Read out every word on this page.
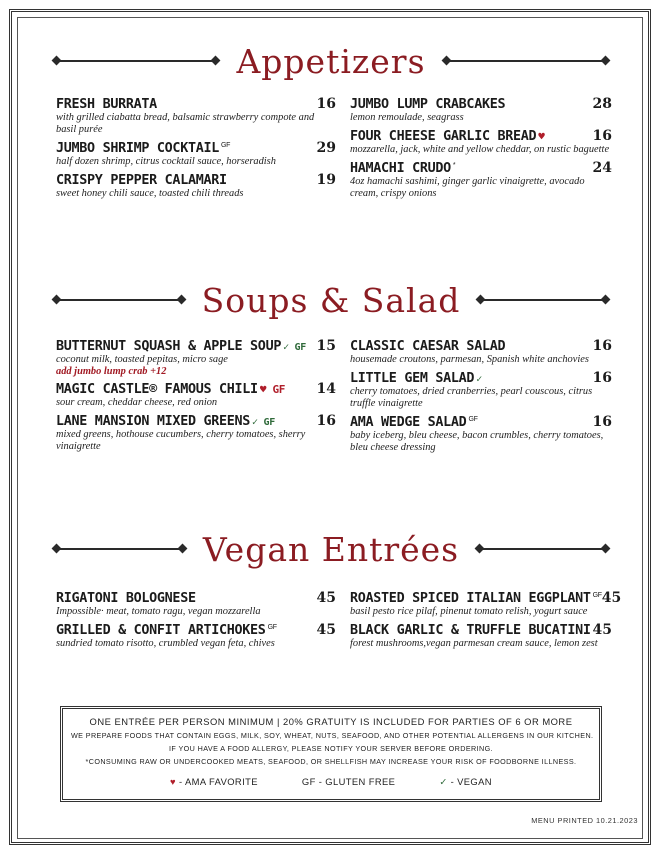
Appetizers
Soups & Salad
Vegan Entrées
FRESH BURRATA	16
with grilled ciabatta bread, balsamic strawberry compote and basil purée
JUMBO SHRIMP COCKTAIL $^{GF}$	29
half dozen shrimp, citrus cocktail sauce, horseradish
CRISPY PEPPER CALAMARI	19
sweet honey chili sauce, toasted chili threads
JUMBO LUMP CRABCAKES	28
lemon remoulade, seagrass
FOUR CHEESE GARLIC BREAD ♥	16
mozzarella, jack, white and yellow cheddar, on rustic baguette
HAMACHI CRUDO *	24
4oz hamachi sashimi, ginger garlic vinaigrette, avocado cream, crispy onions
BUTTERNUT SQUASH & APPLE SOUP ✓ GF 15
coconut milk, toasted pepitas, micro sage
add jumbo lump crab +12
MAGIC CASTLE® FAMOUS CHILI ♥ GF 14
sour cream, cheddar cheese, red onion
LANE MANSION MIXED GREENS ✓ GF	16
mixed greens, hothouse cucumbers, cherry tomatoes, sherry vinaigrette
CLASSIC CAESAR SALAD	16
housemade croutons, parmesan, Spanish white anchovies
LITTLE GEM SALAD ✓	16
cherry tomatoes, dried cranberries, pearl couscous, citrus truffle vinaigrette
AMA WEDGE SALAD $^{GF}$	16
baby iceberg, bleu cheese, bacon crumbles, cherry tomatoes, bleu cheese dressing
RIGATONI BOLOGNESE	45
Impossible· meat, tomato ragu, vegan mozzarella
GRILLED & CONFIT ARTICHOKES $^{GF}$	45
sundried tomato risotto, crumbled vegan feta, chives
ROASTED SPICED ITALIAN EGGPLANT $^{GF}$ 45
basil pesto rice pilaf, pinenut tomato relish, yogurt sauce
BLACK GARLIC & TRUFFLE BUCATINI 45
forest mushrooms,vegan parmesan cream sauce, lemon zest
ONE ENTRÉE PER PERSON MINIMUM | 20% GRATUITY IS INCLUDED FOR PARTIES OF 6 OR MORE
WE PREPARE FOODS THAT CONTAIN EGGS, MILK, SOY, WHEAT, NUTS, SEAFOOD, AND OTHER POTENTIAL ALLERGENS IN OUR KITCHEN.
IF YOU HAVE A FOOD ALLERGY, PLEASE NOTIFY YOUR SERVER BEFORE ORDERING.
*CONSUMING RAW OR UNDERCOOKED MEATS, SEAFOOD, OR SHELLFISH MAY INCREASE YOUR RISK OF FOODBORNE ILLNESS.
♥ - AMA FAVORITE	GF - GLUTEN FREE	✓ - VEGAN
MENU PRINTED 10.21.2023
